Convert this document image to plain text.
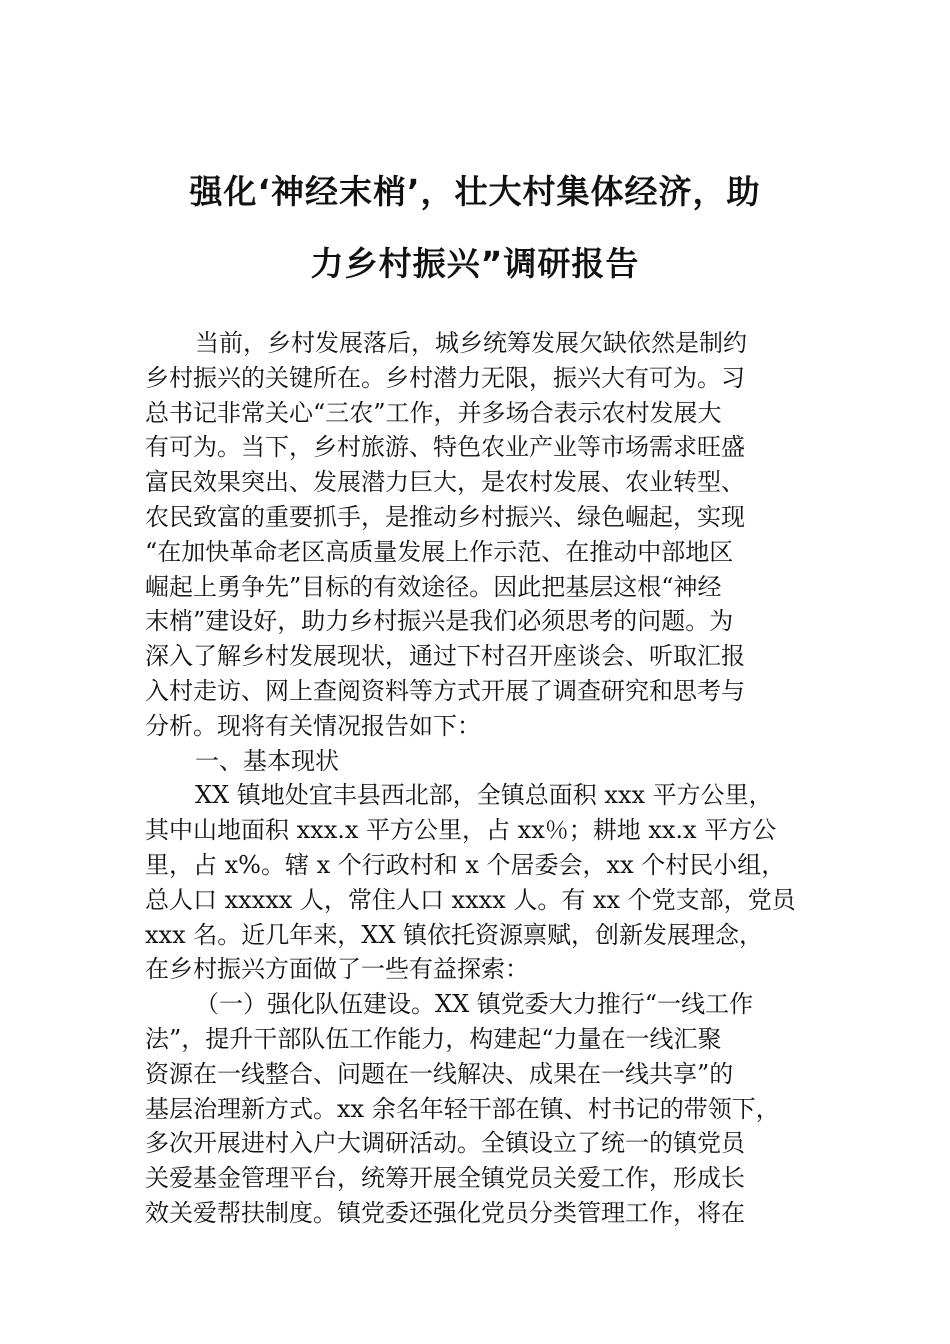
强化‘神经末梢’，壮大村集体经济，助
力乡村振兴”调研报告
当前，乡村发展落后，城乡统筹发展欠缺依然是制约
乡村振兴的关键所在。乡村潜力无限，振兴大有可为。习
总书记非常关心“三农”工作，并多场合表示农村发展大
有可为。当下，乡村旅游、特色农业产业等市场需求旺盛
富民效果突出、发展潜力巨大，是农村发展、农业转型、
农民致富的重要抓手，是推动乡村振兴、绿色崛起，实现
“在加快革命老区高质量发展上作示范、在推动中部地区
崛起上勇争先”目标的有效途径。因此把基层这根“神经
末梢”建设好，助力乡村振兴是我们必须思考的问题。为
深入了解乡村发展现状，通过下村召开座谈会、听取汇报
入村走访、网上查阅资料等方式开展了调查研究和思考与
分析。现将有关情况报告如下：
一、基本现状
XX 镇地处宜丰县西北部，全镇总面积 xxx 平方公里，
其中山地面积 xxx.x 平方公里，占 xx％；耕地 xx.x 平方公
里，占 x%。辖 x 个行政村和 x 个居委会，xx 个村民小组，
总人口 xxxxx 人，常住人口 xxxx 人。有 xx 个党支部，党员
xxx 名。近几年来，XX 镇依托资源禀赋，创新发展理念，
在乡村振兴方面做了一些有益探索：
（一）强化队伍建设。XX 镇党委大力推行“一线工作
法”，提升干部队伍工作能力，构建起“力量在一线汇聚
资源在一线整合、问题在一线解决、成果在一线共享”的
基层治理新方式。xx 余名年轻干部在镇、村书记的带领下，
多次开展进村入户大调研活动。全镇设立了统一的镇党员
关爱基金管理平台，统筹开展全镇党员关爱工作，形成长
效关爱帮扶制度。镇党委还强化党员分类管理工作，将在
